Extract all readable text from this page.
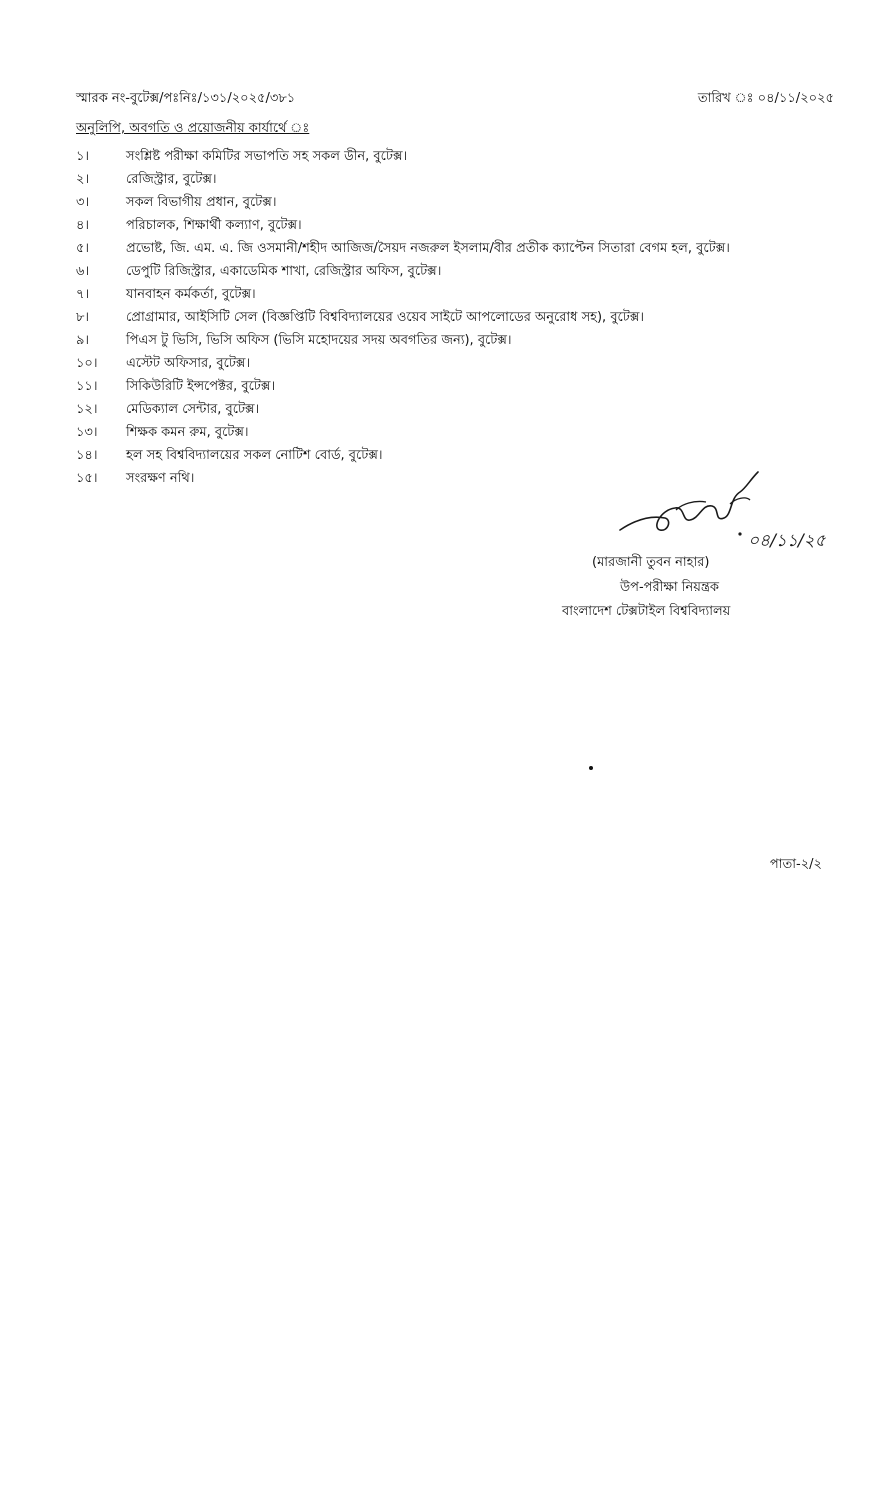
স্মারক নং-বুটেক্স/পঃনিঃ/১৩১/২০২৫/৩৮১	তারিখ ঃ ০৪/১১/২০২৫
অনুলিপি, অবগতি ও প্রয়োজনীয় কার্যার্থে ঃ
১।	সংশ্লিষ্ট পরীক্ষা কমিটির সভাপতি সহ সকল ডীন, বুটেক্স।
২।	রেজিস্ট্রার, বুটেক্স।
৩।	সকল বিভাগীয় প্রধান, বুটেক্স।
৪।	পরিচালক, শিক্ষার্থী কল্যাণ, বুটেক্স।
৫।	প্রভোষ্ট, জি. এম. এ. জি ওসমানী/শহীদ আজিজ/সৈয়দ নজরুল ইসলাম/বীর প্রতীক ক্যাপ্টেন সিতারা বেগম হল, বুটেক্স।
৬।	ডেপুটি রিজিস্ট্রার, একাডেমিক শাখা, রেজিস্ট্রার অফিস, বুটেক্স।
৭।	যানবাহন কর্মকর্তা, বুটেক্স।
৮।	প্রোগ্রামার, আইসিটি সেল (বিজ্ঞপ্তিটি বিশ্ববিদ্যালয়ের ওয়েব সাইটে আপলোডের অনুরোধ সহ), বুটেক্স।
৯।	পিএস টু ভিসি, ভিসি অফিস (ভিসি মহোদয়ের সদয় অবগতির জন্য), বুটেক্স।
১০।	এস্টেট অফিসার, বুটেক্স।
১১।	সিকিউরিটি ইন্সপেক্টর, বুটেক্স।
১২।	মেডিক্যাল সেন্টার, বুটেক্স।
১৩।	শিক্ষক কমন রুম, বুটেক্স।
১৪।	হল সহ বিশ্ববিদ্যালয়ের সকল নোটিশ বোর্ড, বুটেক্স।
১৫।	সংরক্ষণ নথি।
০৪/১১/২৫
(মারজানী তুবন নাহার)
উপ-পরীক্ষা নিয়ন্ত্রক
বাংলাদেশ টেক্সটাইল বিশ্ববিদ্যালয়
পাতা-২/২
